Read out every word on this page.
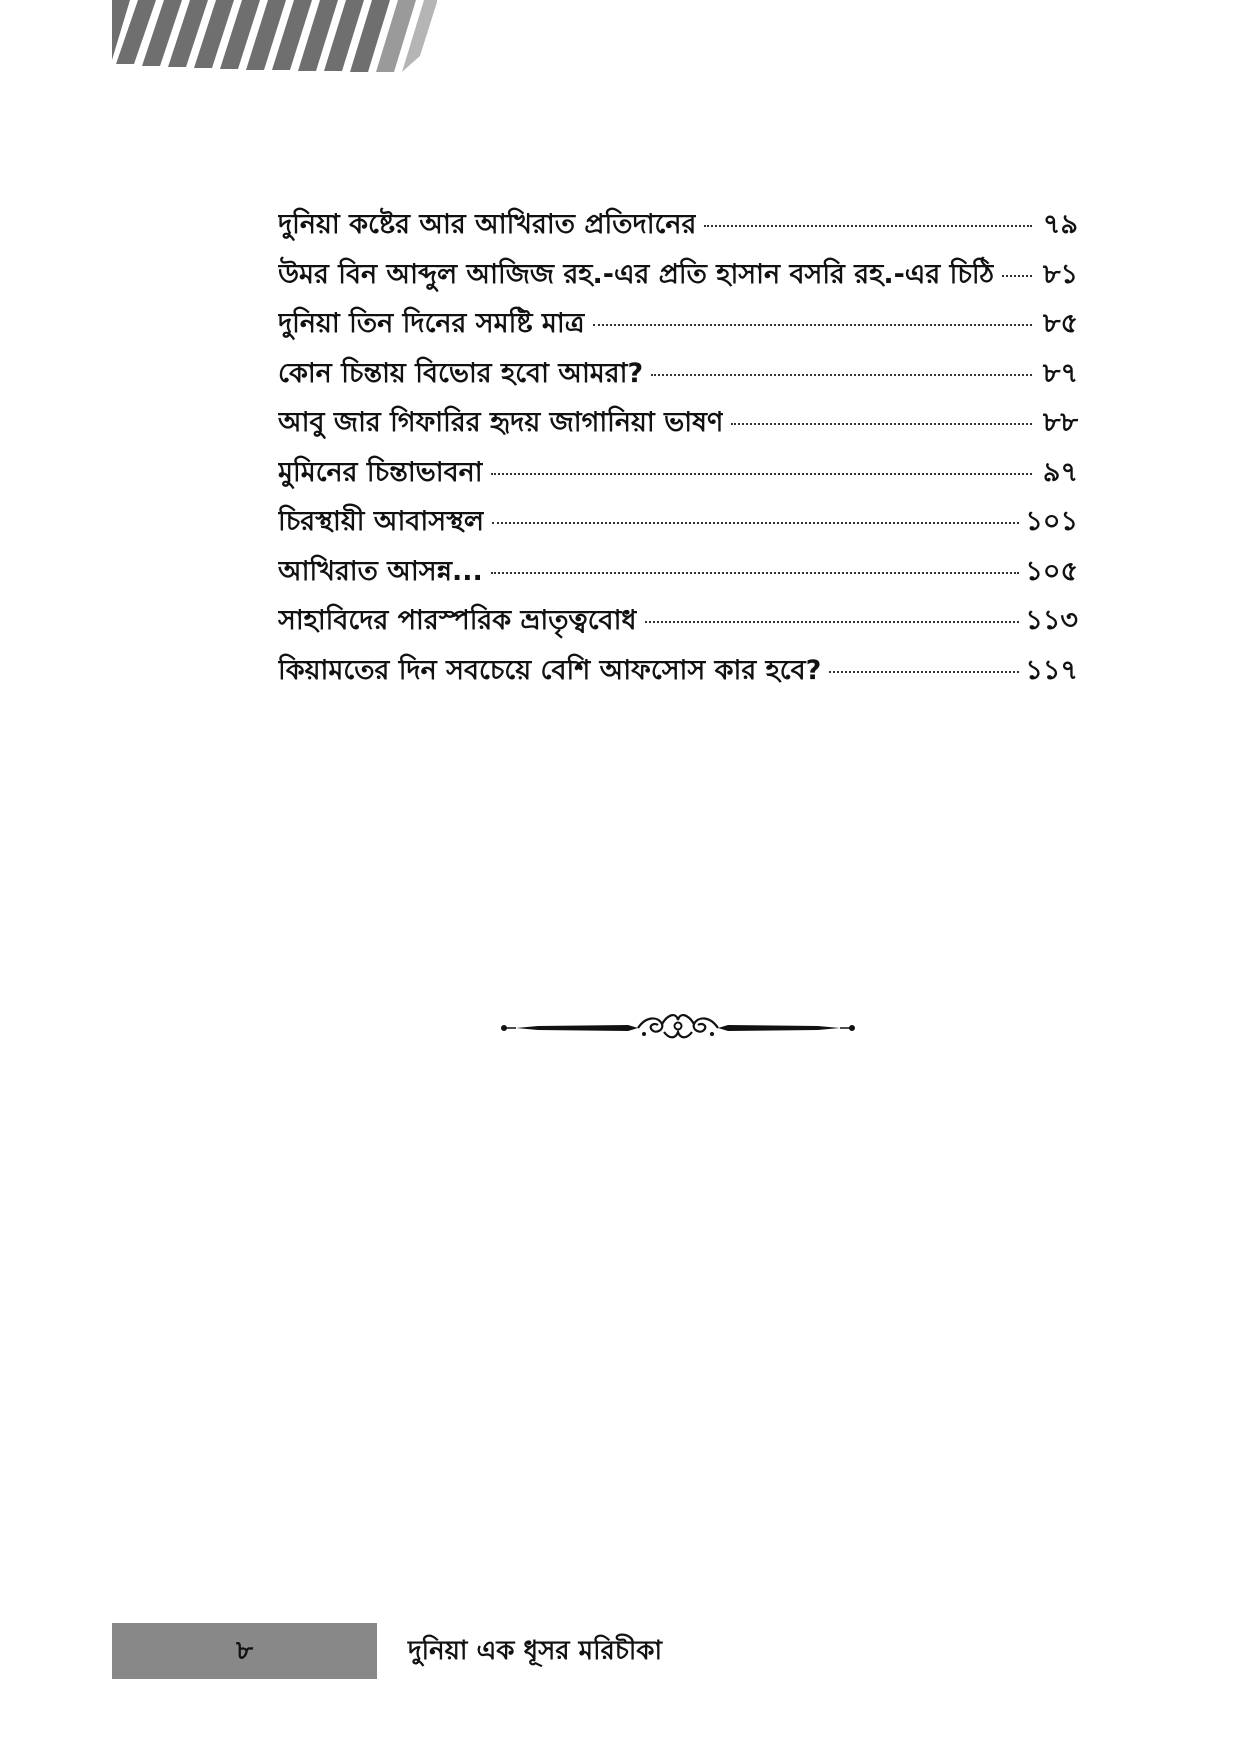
দুনিয়া কষ্টের আর আখিরাত প্রতিদানের	৭৯
উমর বিন আব্দুল আজিজ রহ.-এর প্রতি হাসান বসরি রহ.-এর চিঠি ৮১
দুনিয়া তিন দিনের সমষ্টি মাত্র	৮৫
কোন চিন্তায় বিভোর হবো আমরা?	৮৭
আবু জার গিফারির হৃদয় জাগানিয়া ভাষণ	৮৮
মুমিনের চিন্তাভাবনা	৯৭
চিরস্থায়ী আবাসস্থল	১০১
আখিরাত আসন্ন...	১০৫
সাহাবিদের পারস্পরিক ভ্রাতৃত্ববোধ	১১৩
কিয়ামতের দিন সবচেয়ে বেশি আফসোস কার হবে?	১১৭
৮	দুনিয়া এক ধূসর মরিচীকা
